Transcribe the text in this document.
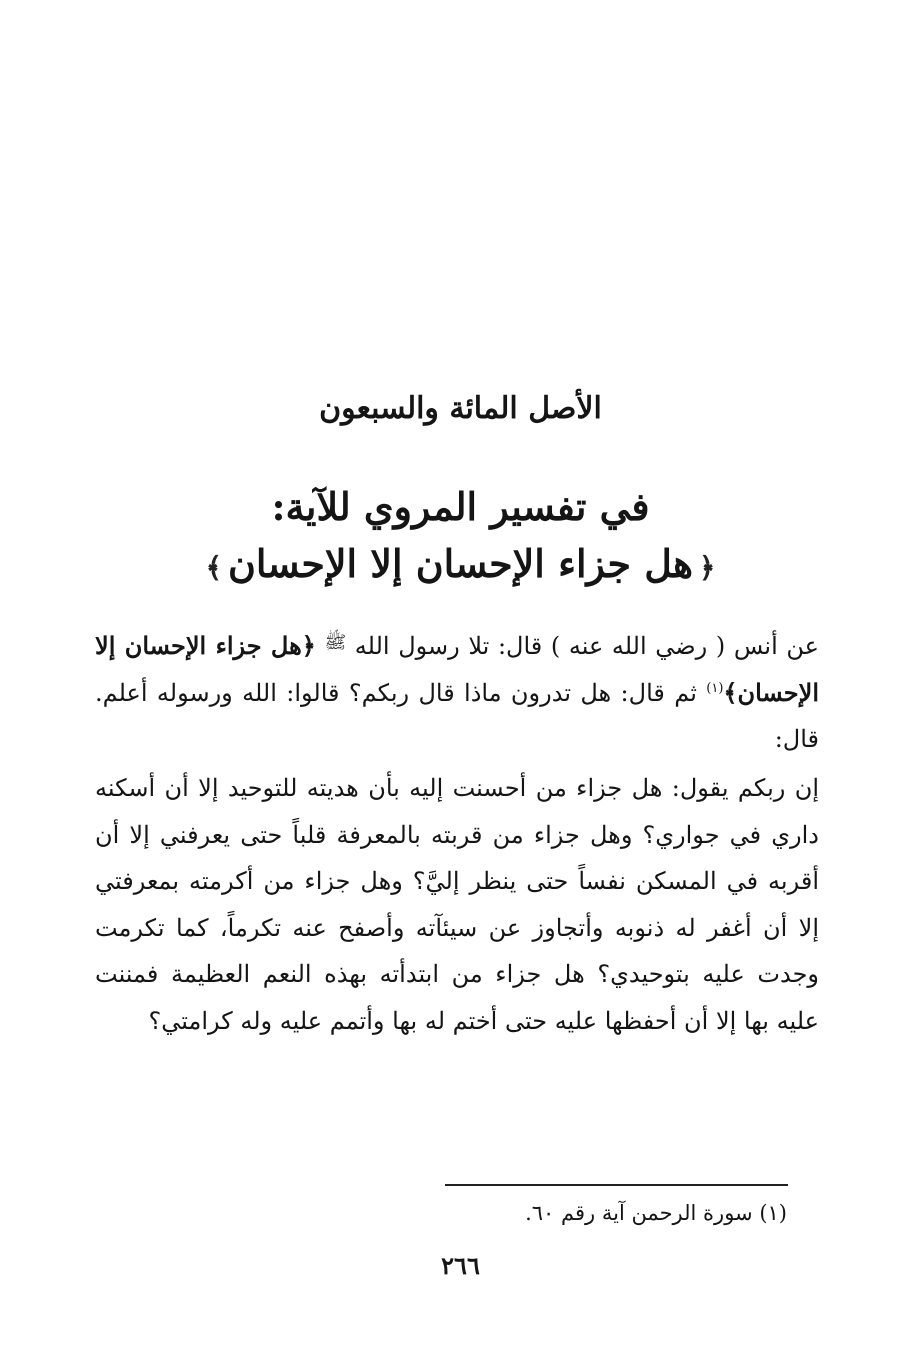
الأصل المائة والسبعون
في تفسير المروي للآية:
﴿هل جزاء الإحسان إلا الإحسان﴾

عن أنس ( رضي الله عنه ) قال: تلا رسول الله $^ﷺ$ ﴿هل جزاء الإحسان إلا الإحسان﴾$^{(١)}$ ثم قال: هل تدرون ماذا قال ربكم؟ قالوا: الله ورسوله أعلم. قال:

إن ربكم يقول: هل جزاء من أحسنت إليه بأن هديته للتوحيد إلا أن أسكنه داري في جواري؟ وهل جزاء من قربته بالمعرفة قلباً حتى يعرفني إلا أن أقربه في المسكن نفساً حتى ينظر إليَّ؟ وهل جزاء من أكرمته بمعرفتي إلا أن أغفر له ذنوبه وأتجاوز عن سيئآته وأصفح عنه تكرماً، كما تكرمت وجدت عليه بتوحيدي؟ هل جزاء من ابتدأته بهذه النعم العظيمة فمننت عليه بها إلا أن أحفظها عليه حتى أختم له بها وأتمم عليه وله كرامتي؟

(١) سورة الرحمن آية رقم ٦٠.

٢٦٦
